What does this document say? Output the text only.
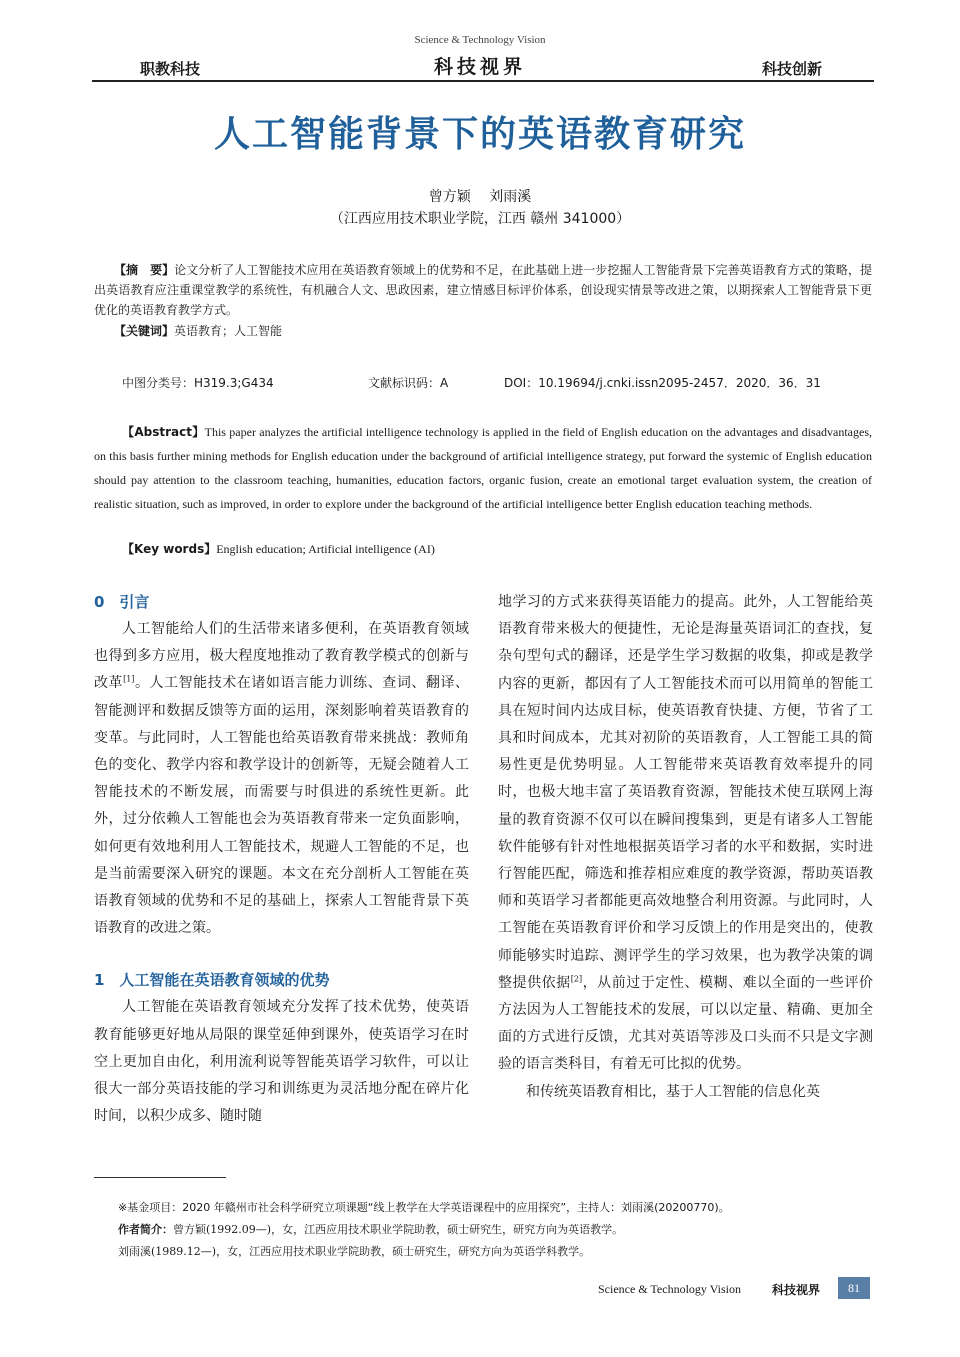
Science & Technology Vision
职教科技	科技视界	科技创新
人工智能背景下的英语教育研究
曾方颖　 刘雨溪
（江西应用技术职业学院，江西 赣州 341000）
【摘　要】论文分析了人工智能技术应用在英语教育领域上的优势和不足，在此基础上进一步挖掘人工智能背景下完善英语教育方式的策略，提出英语教育应注重课堂教学的系统性，有机融合人文、思政因素，建立情感目标评价体系，创设现实情景等改进之策，以期探索人工智能背景下更优化的英语教育教学方式。
【关键词】英语教育；人工智能
中图分类号：H319.3;G434	文献标识码：A	DOI：10.19694/j.cnki.issn2095-2457．2020．36．31
【Abstract】This paper analyzes the artificial intelligence technology is applied in the field of English education on the advantages and disadvantages, on this basis further mining methods for English education under the background of artificial intelligence strategy, put forward the systemic of English education should pay attention to the classroom teaching, humanities, education factors, organic fusion, create an emotional target evaluation system, the creation of realistic situation, such as improved, in order to explore under the background of the artificial intelligence better English education teaching methods.
【Key words】English education; Artificial intelligence (AI)

0　引言

人工智能给人们的生活带来诸多便利，在英语教育领域也得到多方应用，极大程度地推动了教育教学模式的创新与改革[1]。人工智能技术在诸如语言能力训练、查词、翻译、智能测评和数据反馈等方面的运用，深刻影响着英语教育的变革。与此同时，人工智能也给英语教育带来挑战：教师角色的变化、教学内容和教学设计的创新等，无疑会随着人工智能技术的不断发展，而需要与时俱进的系统性更新。此外，过分依赖人工智能也会为英语教育带来一定负面影响，如何更有效地利用人工智能技术，规避人工智能的不足，也是当前需要深入研究的课题。本文在充分剖析人工智能在英语教育领域的优势和不足的基础上，探索人工智能背景下英语教育的改进之策。

1　人工智能在英语教育领域的优势

人工智能在英语教育领域充分发挥了技术优势，使英语教育能够更好地从局限的课堂延伸到课外，使英语学习在时空上更加自由化，利用流利说等智能英语学习软件，可以让很大一部分英语技能的学习和训练更为灵活地分配在碎片化时间，以积少成多、随时随

地学习的方式来获得英语能力的提高。此外，人工智能给英语教育带来极大的便捷性，无论是海量英语词汇的查找，复杂句型句式的翻译，还是学生学习数据的收集，抑或是教学内容的更新，都因有了人工智能技术而可以用简单的智能工具在短时间内达成目标，使英语教育快捷、方便，节省了工具和时间成本，尤其对初阶的英语教育，人工智能工具的简易性更是优势明显。人工智能带来英语教育效率提升的同时，也极大地丰富了英语教育资源，智能技术使互联网上海量的教育资源不仅可以在瞬间搜集到，更是有诸多人工智能软件能够有针对性地根据英语学习者的水平和数据，实时进行智能匹配，筛选和推荐相应难度的教学资源，帮助英语教师和英语学习者都能更高效地整合利用资源。与此同时，人工智能在英语教育评价和学习反馈上的作用是突出的，使教师能够实时追踪、测评学生的学习效果，也为教学决策的调整提供依据[2]，从前过于定性、模糊、难以全面的一些评价方法因为人工智能技术的发展，可以以定量、精确、更加全面的方式进行反馈，尤其对英语等涉及口头而不只是文字测验的语言类科目，有着无可比拟的优势。

和传统英语教育相比，基于人工智能的信息化英

※基金项目：2020 年赣州市社会科学研究立项课题“线上教学在大学英语课程中的应用探究”，主持人：刘雨溪(20200770)。
作者简介：曾方颖(1992.09—)，女，江西应用技术职业学院助教，硕士研究生，研究方向为英语教学。
刘雨溪(1989.12—)，女，江西应用技术职业学院助教，硕士研究生，研究方向为英语学科教学。
Science & Technology Vision	科技视界	81
